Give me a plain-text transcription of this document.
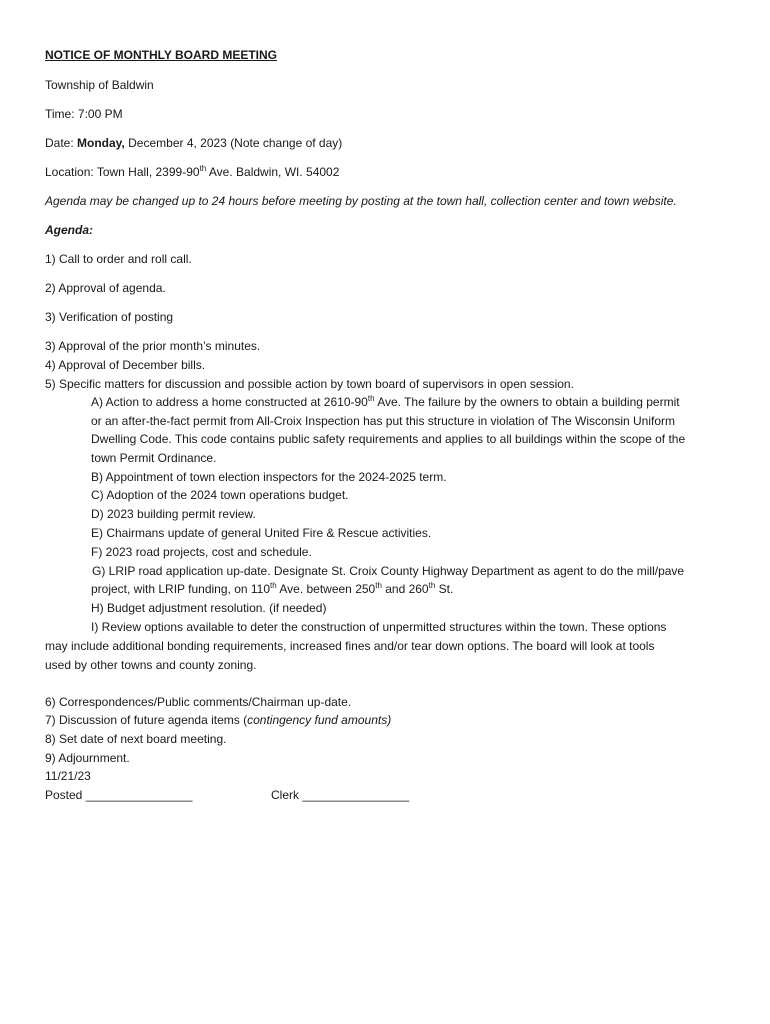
NOTICE OF MONTHLY BOARD MEETING
Township of Baldwin
Time: 7:00 PM
Date: Monday, December 4, 2023 (Note change of day)
Location: Town Hall, 2399-90th Ave. Baldwin, WI. 54002
Agenda may be changed up to 24 hours before meeting by posting at the town hall, collection center and town website.
Agenda:
1) Call to order and roll call.
2) Approval of agenda.
3) Verification of posting
3) Approval of the prior month’s minutes.
4) Approval of December bills.
5) Specific matters for discussion and possible action by town board of supervisors in open session.
A) Action to address a home constructed at 2610-90th Ave. The failure by the owners to obtain a building permit
or an after-the-fact permit from All-Croix Inspection has put this structure in violation of The Wisconsin Uniform
Dwelling Code. This code contains public safety requirements and applies to all buildings within the scope of the
town Permit Ordinance.
B) Appointment of town election inspectors for the 2024-2025 term.
C) Adoption of the 2024 town operations budget.
D) 2023 building permit review.
E) Chairmans update of general United Fire & Rescue activities.
F) 2023 road projects, cost and schedule.
G) LRIP road application up-date. Designate St. Croix County Highway Department as agent to do the mill/pave
project, with LRIP funding, on 110th Ave. between 250th and 260th St.
H) Budget adjustment resolution. (if needed)
I) Review options available to deter the construction of unpermitted structures within the town. These options
may include additional bonding requirements, increased fines and/or tear down options. The board will look at tools
used by other towns and county zoning.
6) Correspondences/Public comments/Chairman up-date.
7) Discussion of future agenda items (contingency fund amounts)
8) Set date of next board meeting.
9) Adjournment.
11/21/23
Posted ________________	Clerk ________________
